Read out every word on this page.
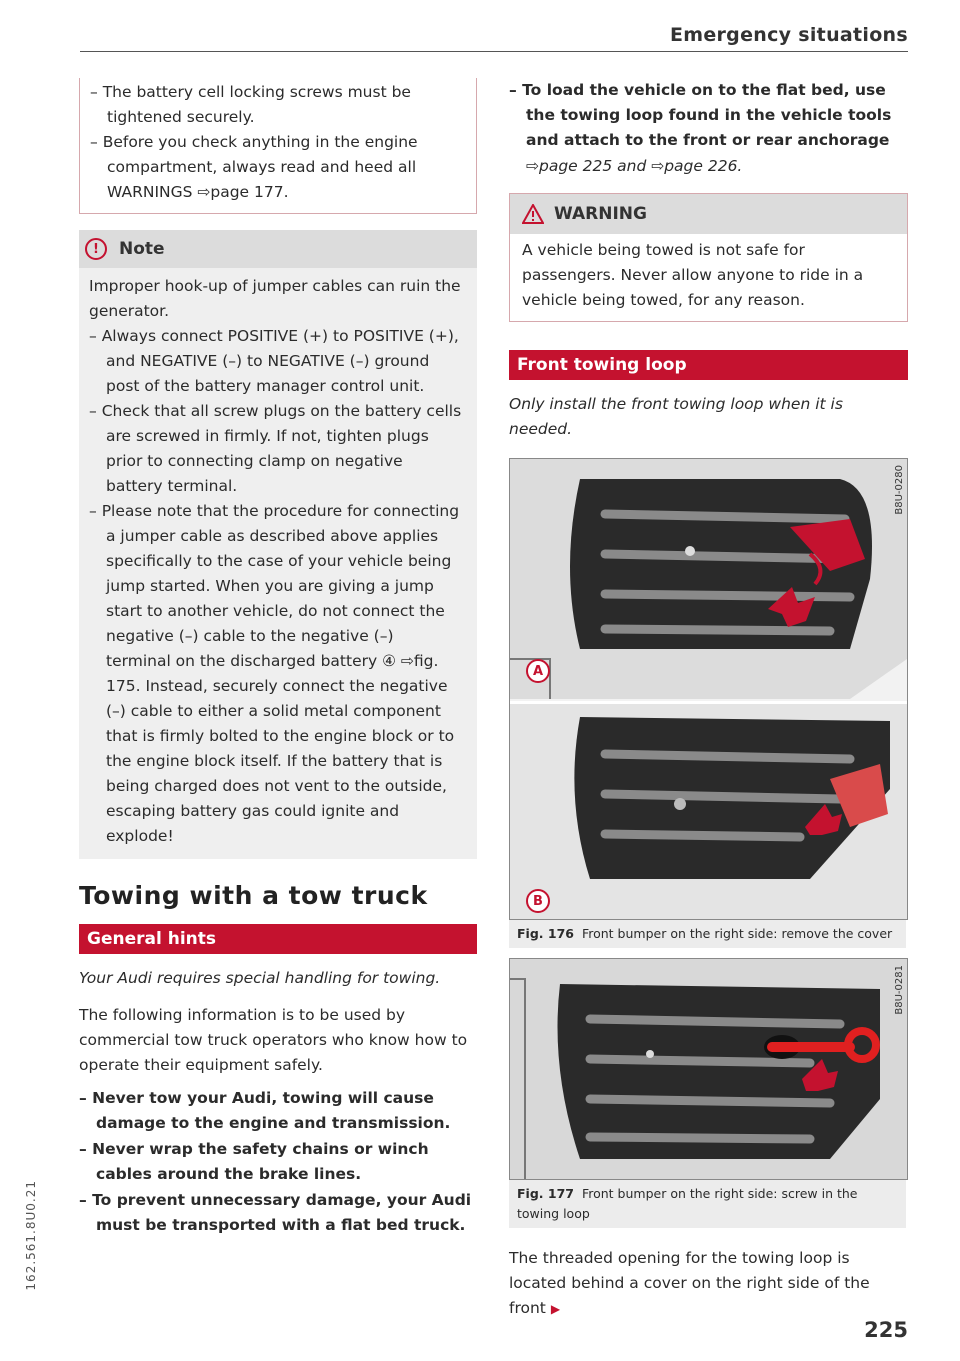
Emergency situations
– The battery cell locking screws must be tightened securely.
– Before you check anything in the engine compartment, always read and heed all WARNINGS ⇨page 177.
!	Note
Improper hook-up of jumper cables can ruin the generator.
– Always connect POSITIVE (+) to POSITIVE (+), and NEGATIVE (–) to NEGATIVE (–) ground post of the battery manager control unit.
– Check that all screw plugs on the battery cells are screwed in firmly. If not, tighten plugs prior to connecting clamp on negative battery terminal.
– Please note that the procedure for connecting a jumper cable as described above applies specifically to the case of your vehicle being jump started. When you are giving a jump start to another vehicle, do not connect the negative (–) cable to the negative (–) terminal on the discharged battery ④ ⇨fig. 175. Instead, securely connect the negative (–) cable to either a solid metal component that is firmly bolted to the engine block or to the engine block itself. If the battery that is being charged does not vent to the outside, escaping battery gas could ignite and explode!
Towing with a tow truck
General hints
Your Audi requires special handling for towing.
The following information is to be used by commercial tow truck operators who know how to operate their equipment safely.
– Never tow your Audi, towing will cause damage to the engine and transmission.
– Never wrap the safety chains or winch cables around the brake lines.
– To prevent unnecessary damage, your Audi must be transported with a flat bed truck.
– To load the vehicle on to the flat bed, use the towing loop found in the vehicle tools and attach to the front or rear anchorage
⇨page 225 and ⇨page 226.
WARNING
A vehicle being towed is not safe for passengers. Never allow anyone to ride in a vehicle being towed, for any reason.
Front towing loop
Only install the front towing loop when it is needed.
B8U-0280
A
B
Fig. 176 Front bumper on the right side: remove the cover
B8U-0281
Fig. 177 Front bumper on the right side: screw in the towing loop
The threaded opening for the towing loop is located behind a cover on the right side of the front ▶
225
162.561.8U0.21
